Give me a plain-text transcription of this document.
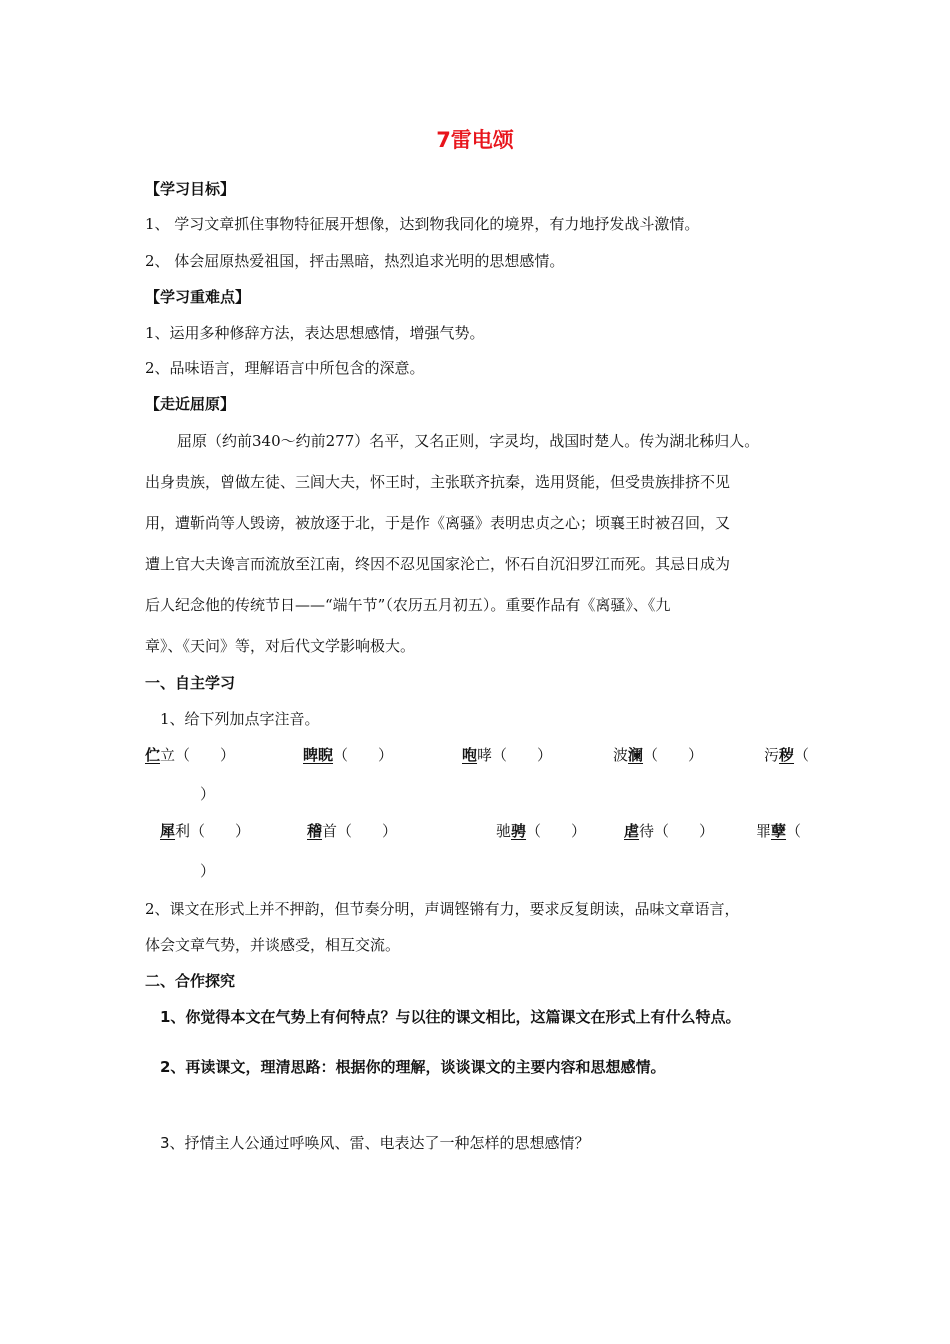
7雷电颂
【学习目标】
1、 学习文章抓住事物特征展开想像，达到物我同化的境界，有力地抒发战斗激情。
2、 体会屈原热爱祖国，抨击黑暗，热烈追求光明的思想感情。
【学习重难点】
1、运用多种修辞方法，表达思想感情，增强气势。
2、品味语言，理解语言中所包含的深意。
【走近屈原】
屈原（约前340～约前277）名平，又名正则，字灵均，战国时楚人。传为湖北秭归人。
出身贵族，曾做左徒、三闾大夫，怀王时，主张联齐抗秦，选用贤能，但受贵族排挤不见
用，遭靳尚等人毁谤，被放逐于北，于是作《离骚》表明忠贞之心；顷襄王时被召回，又
遭上官大夫谗言而流放至江南，终因不忍见国家沦亡，怀石自沉汨罗江而死。其忌日成为
后人纪念他的传统节日——“端午节”（农历五月初五）。重要作品有《离骚》、《九
章》、《天问》等，对后代文学影响极大。
一、自主学习
1、给下列加点字注音。
伫立（　　）	睥睨（　　）	咆哮（　　）	波澜（　　）	污秽（
）
犀利（　　）	稽首（　　）	驰骋（　　）	虐待（　　）	罪孽（
）
2、课文在形式上并不押韵，但节奏分明，声调铿锵有力，要求反复朗读，品味文章语言，
体会文章气势，并谈感受，相互交流。
二、合作探究
1、你觉得本文在气势上有何特点？与以往的课文相比，这篇课文在形式上有什么特点。
2、再读课文，理清思路：根据你的理解，谈谈课文的主要内容和思想感情。
3、抒情主人公通过呼唤风、雷、电表达了一种怎样的思想感情？
